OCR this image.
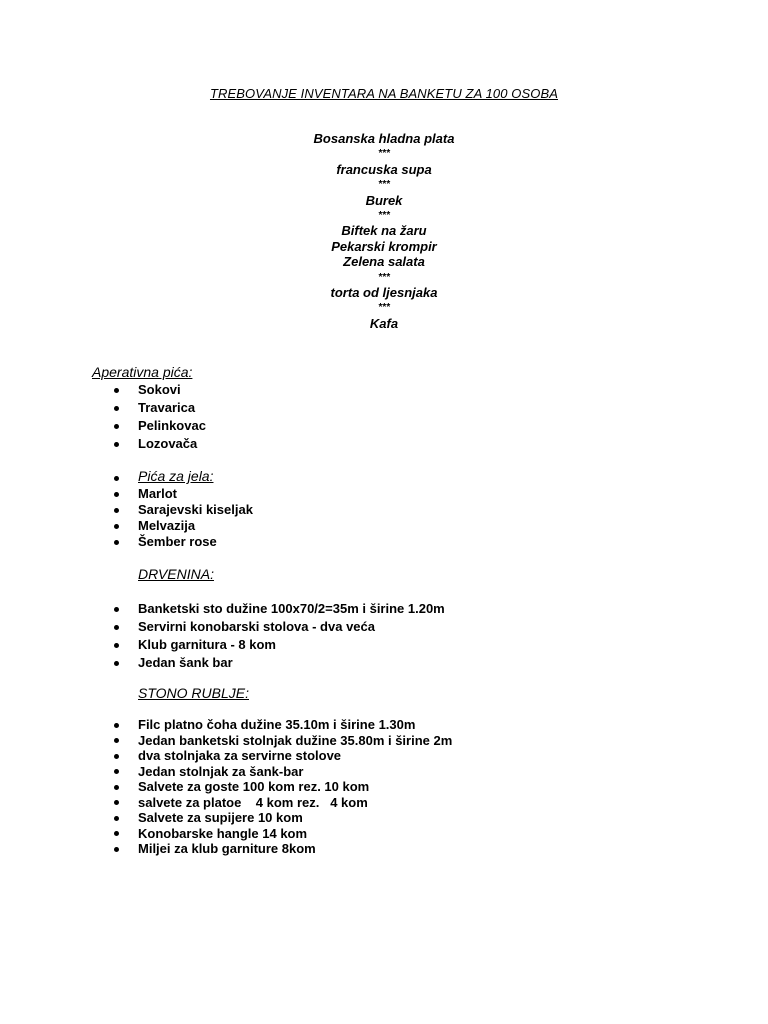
TREBOVANJE INVENTARA NA BANKETU ZA 100 OSOBA
Bosanska hladna plata
***
francuska supa
***
Burek
***
Biftek na žaru
Pekarski krompir
Zelena salata
***
torta od ljesnjaka
***
Kafa
Aperativna pića:
Sokovi
Travarica
Pelinkovac
Lozovača
Pića za jela:
Marlot
Sarajevski kiseljak
Melvazija
Šember rose
DRVENINA:
Banketski sto dužine 100x70/2=35m i širine 1.20m
Servirni konobarski stolova - dva veća
Klub garnitura - 8 kom
Jedan šank bar
STONO RUBLJE:
Filc platno čoha dužine 35.10m i širine 1.30m
Jedan banketski stolnjak dužine 35.80m i širine 2m
dva stolnjaka za servirne stolove
Jedan stolnjak za šank-bar
Salvete za goste 100 kom rez. 10 kom
salvete za platoe    4 kom rez.   4 kom
Salvete za supijere 10 kom
Konobarske hangle 14 kom
Miljei za klub garniture 8kom
